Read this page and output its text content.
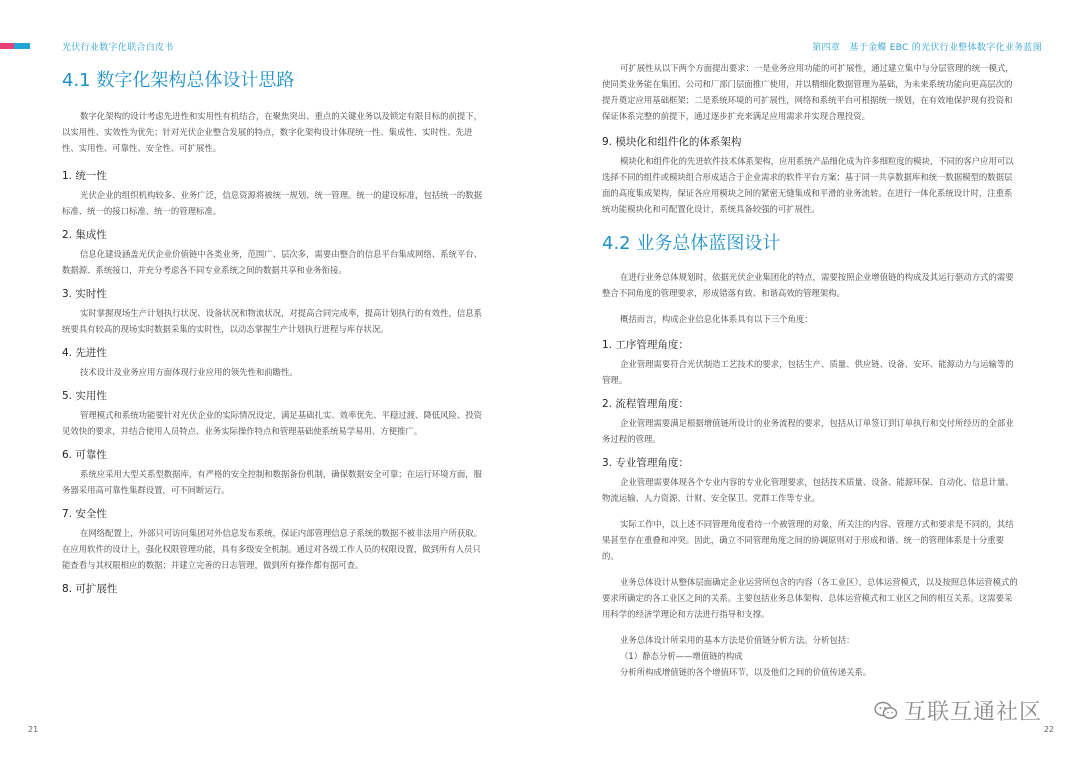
光伏行业数字化联合白皮书	第四章　基于金蝶 EBC 的光伏行业整体数字化业务蓝图
4.1 数字化架构总体设计思路

数字化架构的设计考虑先进性和实用性有机结合，在聚焦突出、重点的关键业务以及锁定有限目标的前提下，以实用性、实效性为优先；针对光伏企业整合发展的特点，数字化架构设计体现统一性、集成性、实时性、先进性、实用性、可靠性、安全性、可扩展性。

1. 统一性

光伏企业的组织机构较多、业务广泛，信息资源将被统一规划、统一管理。统一的建设标准，包括统一的数据标准、统一的接口标准、统一的管理标准。

2. 集成性

信息化建设涵盖光伏企业价值链中各类业务，范围广、层次多，需要由整合的信息平台集成网络、系统平台、数据源、系统接口，并充分考虑各不同专业系统之间的数据共享和业务衔接。

3. 实时性

实时掌握现场生产计划执行状况、设备状况和物流状况，对提高合同完成率，提高计划执行的有效性，信息系统要具有较高的现场实时数据采集的实时性，以动态掌握生产计划执行进程与库存状况。

4. 先进性

技术设计及业务应用方面体现行业应用的领先性和前瞻性。

5. 实用性

管理模式和系统功能要针对光伏企业的实际情况设定，满足基础扎实、效率优先、平稳过渡、降低风险、投资见效快的要求，并结合使用人员特点、业务实际操作特点和管理基础使系统易学易用、方便推广。

6. 可靠性

系统应采用大型关系型数据库，有严格的安全控制和数据备份机制，确保数据安全可靠；在运行环境方面，服务器采用高可靠性集群设置，可不间断运行。

7. 安全性

在网络配置上，外部只可访问集团对外信息发布系统，保证内部管理信息子系统的数据不被非法用户所获取。在应用软件的设计上，强化权限管理功能，具有多级安全机制。通过对各级工作人员的权限设置，做到所有人员只能查看与其权限相应的数据；并建立完善的日志管理，做到所有操作都有据可查。

8. 可扩展性

可扩展性从以下两个方面提出要求：一是业务应用功能的可扩展性，通过建立集中与分层管理的统一模式，使同类业务能在集团、公司和厂部门层面推广使用，并以精细化数据管理为基础，为未来系统功能向更高层次的提升奠定应用基础框架；二是系统环境的可扩展性，网络和系统平台可根据统一规划，在有效地保护现有投资和保证体系完整的前提下，通过逐步扩充来满足应用需求并实现合理投资。

9. 模块化和组件化的体系架构

模块化和组件化的先进软件技术体系架构，应用系统产品细化成为许多细粒度的模块，不同的客户应用可以选择不同的组件或模块组合形成适合于企业需求的软件平台方案；基于同一共享数据库和统一数据模型的数据层面的高度集成架构，保证各应用模块之间的紧密无缝集成和平滑的业务流转。在进行一体化系统设计时，注重系统功能模块化和可配置化设计，系统具备较强的可扩展性。

4.2 业务总体蓝图设计

在进行业务总体规划时，依据光伏企业集团化的特点，需要按照企业增值链的构成及其运行驱动方式的需要整合不同角度的管理要求，形成错落有致、和谐高效的管理架构。

概括而言，构成企业信息化体系具有以下三个角度：

1. 工序管理角度：

企业管理需要符合光伏制造工艺技术的要求，包括生产、质量、供应链、设备、安环、能源动力与运输等的管理。

2. 流程管理角度：

企业管理需要满足根据增值链所设计的业务流程的要求，包括从订单签订到订单执行和交付所经历的全部业务过程的管理。

3. 专业管理角度：

企业管理需要体现各个专业内容的专业化管理要求，包括技术质量、设备、能源环保、自动化、信息计量、物流运输、人力资源、计财、安全保卫、党群工作等专业。

实际工作中，以上述不同管理角度看待一个被管理的对象，所关注的内容、管理方式和要求是不同的，其结果甚至存在重叠和冲突。因此，确立不同管理角度之间的协调原则对于形成和谐、统一的管理体系是十分重要的。

业务总体设计从整体层面确定企业运营所包含的内容（各工业区），总体运营模式，以及按照总体运营模式的要求所确定的各工业区之间的关系。主要包括业务总体架构、总体运营模式和工业区之间的相互关系。这需要采用科学的经济学理论和方法进行指导和支撑。

业务总体设计所采用的基本方法是价值链分析方法。分析包括：

（1）静态分析——增值链的构成

分析所构成增值链的各个增值环节，以及他们之间的价值传递关系。

21	22
互联互通社区
